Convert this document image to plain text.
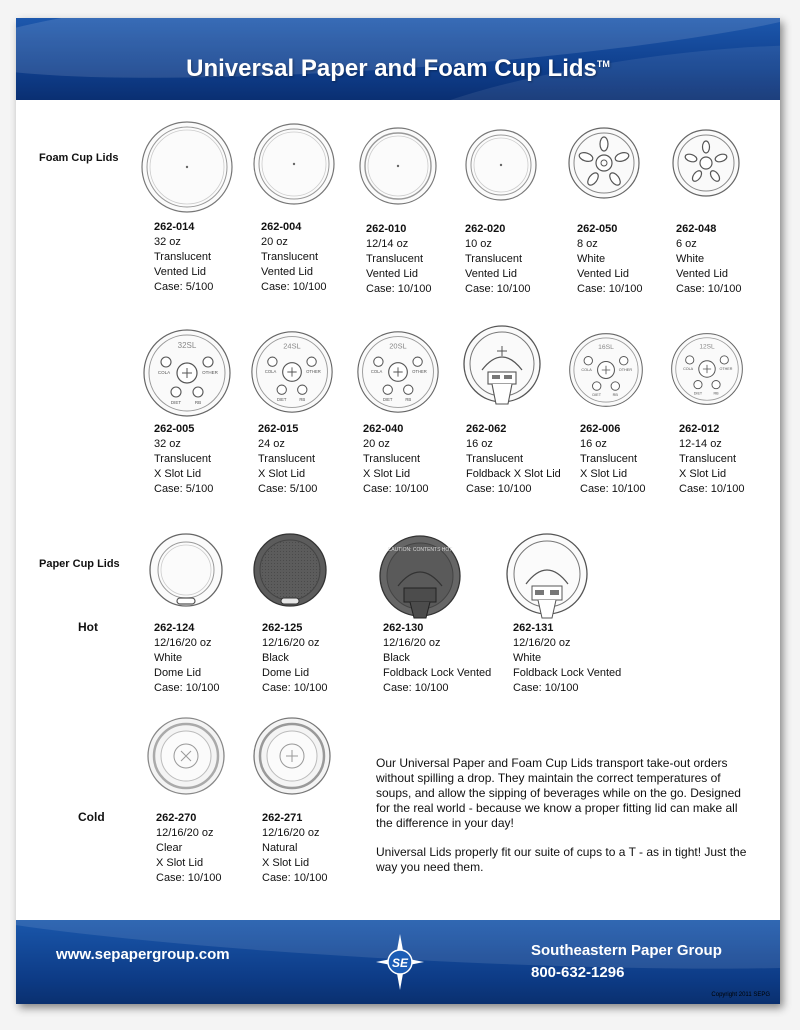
Universal Paper and Foam Cup Lids™
Foam Cup Lids
Paper Cup Lids
Hot
Cold
262-014
32 oz
Translucent
Vented Lid
Case: 5/100
262-004
20 oz
Translucent
Vented Lid
Case: 10/100
262-010
12/14 oz
Translucent
Vented Lid
Case: 10/100
262-020
10 oz
Translucent
Vented Lid
Case: 10/100
262-050
8 oz
White
Vented Lid
Case: 10/100
262-048
6 oz
White
Vented Lid
Case: 10/100
32SL
COLA	OTHER
DIET	RB
24SL
COLA	OTHER
DIET	RB
20SL
COLA	OTHER
DIET	RB
16SL
COLA	OTHER
DIET	RB
12SL
COLA	OTHER
DIET	RB
262-005
32 oz
Translucent
X Slot Lid
Case: 5/100
262-015
24 oz
Translucent
X Slot Lid
Case: 5/100
262-040
20 oz
Translucent
X Slot Lid
Case: 10/100
262-062
16 oz
Translucent
Foldback X Slot Lid
Case: 10/100
262-006
16 oz
Translucent
X Slot Lid
Case: 10/100
262-012
12-14 oz
Translucent
X Slot Lid
Case: 10/100
CAUTION: CONTENTS HOT
262-124
12/16/20 oz
White
Dome Lid
Case: 10/100
262-125
12/16/20 oz
Black
Dome Lid
Case: 10/100
262-130
12/16/20 oz
Black
Foldback Lock Vented
Case: 10/100
262-131
12/16/20 oz
White
Foldback Lock Vented
Case: 10/100
262-270
12/16/20 oz
Clear
X Slot Lid
Case: 10/100
262-271
12/16/20 oz
Natural
X Slot Lid
Case: 10/100

Our Universal Paper and Foam Cup Lids transport take-out orders without spilling a drop. They maintain the correct temperatures of soups, and allow the sipping of beverages while on the go. Designed for the real world - because we know a proper fitting lid can make all the difference in your day!

Universal Lids properly fit our suite of cups to a T - as in tight! Just the way you need them.

www.sepapergroup.com	SE
Southeastern Paper Group
800-632-1296
Copyright 2011 SEPG
